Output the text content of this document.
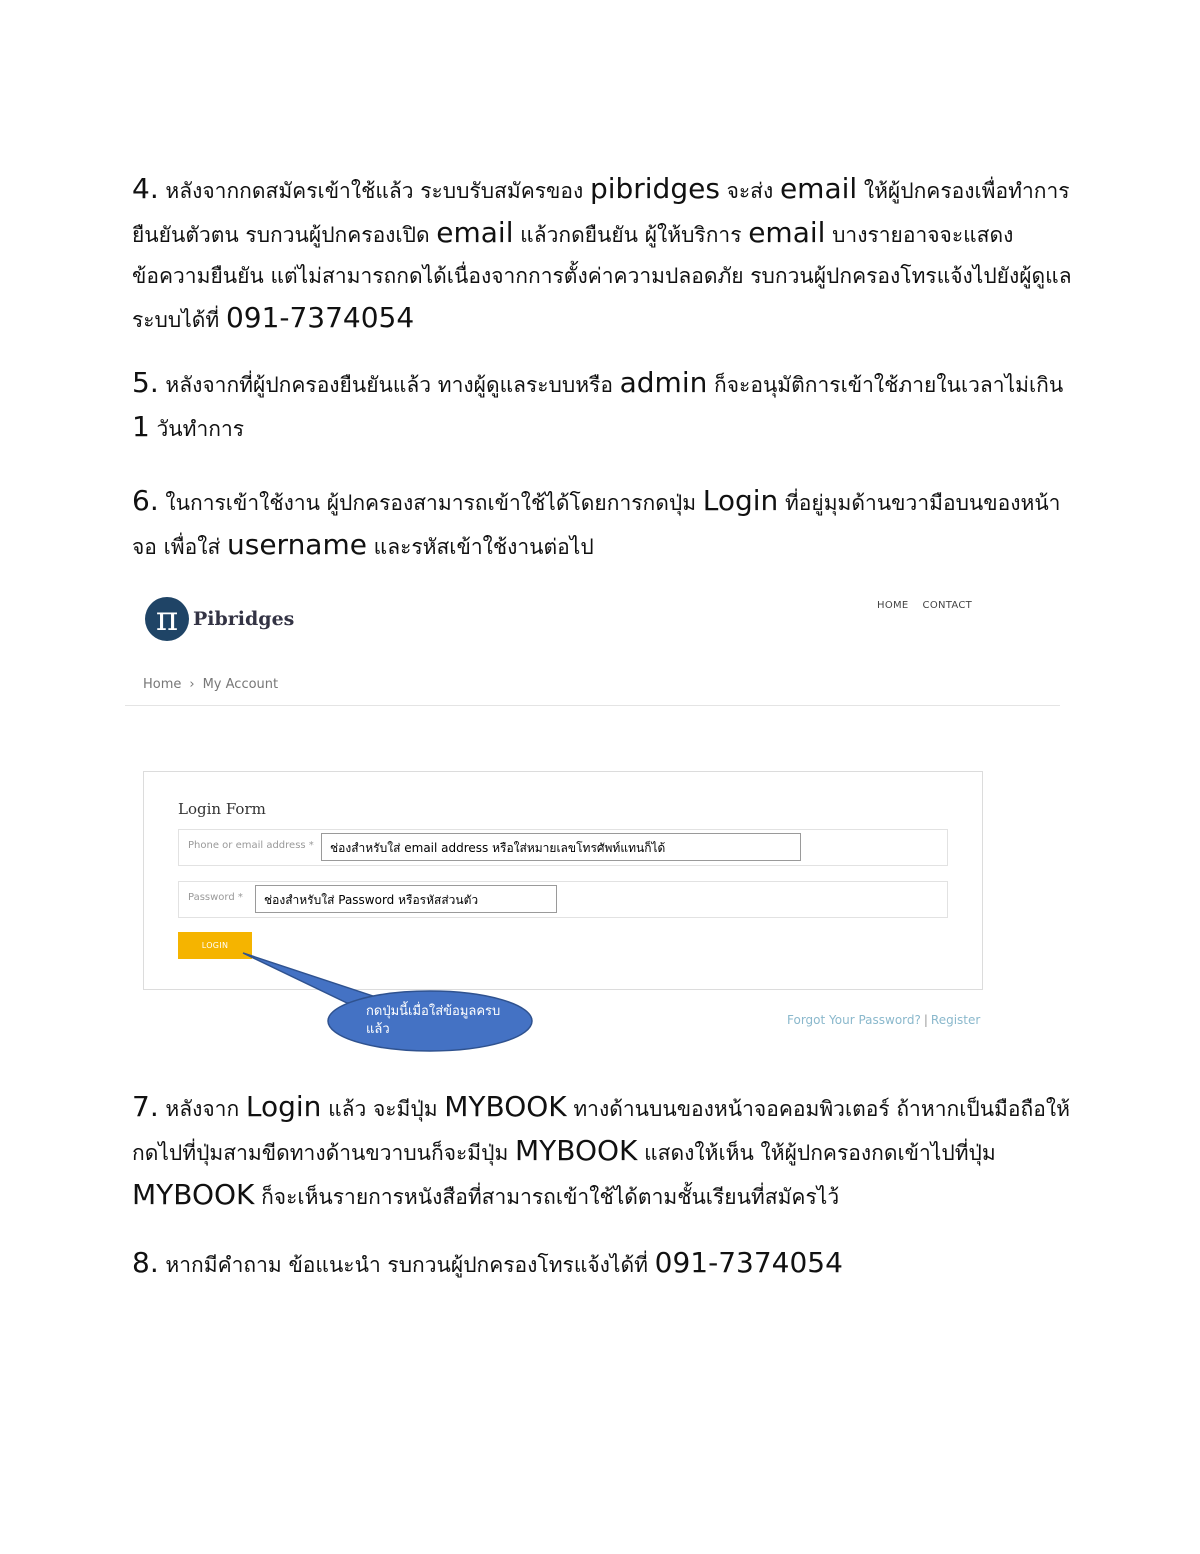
4. หลังจากกดสมัครเข้าใช้แล้ว ระบบรับสมัครของ pibridges จะส่ง email ให้ผู้ปกครองเพื่อทำการยืนยันตัวตน รบกวนผู้ปกครองเปิด email แล้วกดยืนยัน ผู้ให้บริการ email บางรายอาจจะแสดงข้อความยืนยัน แต่ไม่สามารถกดได้เนื่องจากการตั้งค่าความปลอดภัย รบกวนผู้ปกครองโทรแจ้งไปยังผู้ดูแลระบบได้ที่ 091-7374054

5. หลังจากที่ผู้ปกครองยืนยันแล้ว ทางผู้ดูแลระบบหรือ admin ก็จะอนุมัติการเข้าใช้ภายในเวลาไม่เกิน 1 วันทำการ

6. ในการเข้าใช้งาน ผู้ปกครองสามารถเข้าใช้ได้โดยการกดปุ่ม Login ที่อยู่มุมด้านขวามือบนของหน้าจอ เพื่อใส่ username และรหัสเข้าใช้งานต่อไป

π Pibridges
HOME CONTACT
Home › My Account
Login Form
Phone or email address *	ช่องสำหรับใส่ email address หรือใส่หมายเลขโทรศัพท์แทนก็ได้
Password *	ช่องสำหรับใส่ Password หรือรหัสส่วนตัว
LOGIN
กดปุ่มนี้เมื่อใส่ข้อมูลครบแล้ว
Forgot Your Password? | Register

7. หลังจาก Login แล้ว จะมีปุ่ม MYBOOK ทางด้านบนของหน้าจอคอมพิวเตอร์ ถ้าหากเป็นมือถือให้กดไปที่ปุ่มสามขีดทางด้านขวาบนก็จะมีปุ่ม MYBOOK แสดงให้เห็น ให้ผู้ปกครองกดเข้าไปที่ปุ่ม MYBOOK ก็จะเห็นรายการหนังสือที่สามารถเข้าใช้ได้ตามชั้นเรียนที่สมัครไว้

8. หากมีคำถาม ข้อแนะนำ รบกวนผู้ปกครองโทรแจ้งได้ที่ 091-7374054
